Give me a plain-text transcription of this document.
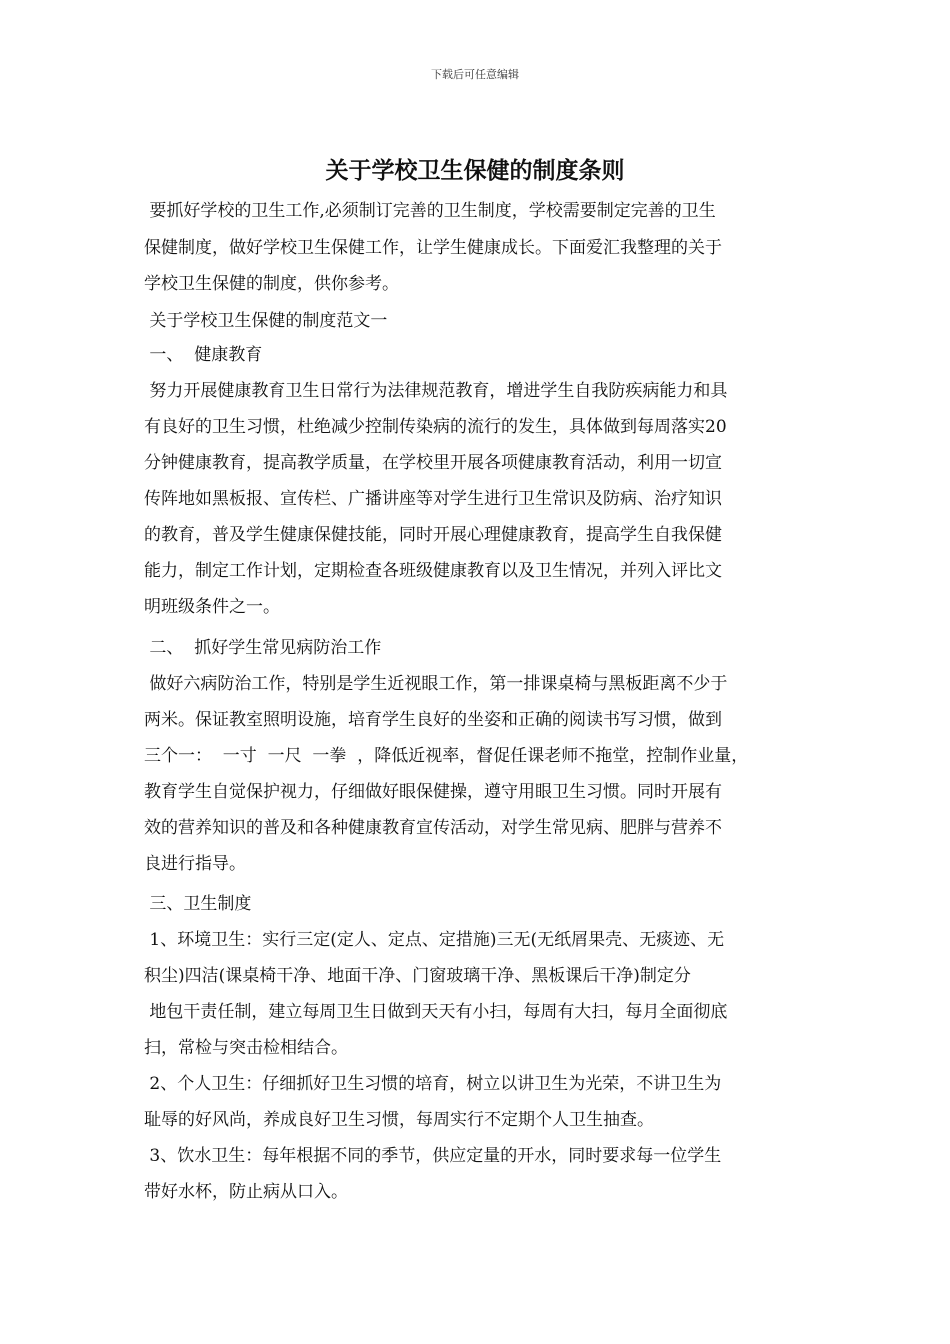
下载后可任意编辑
关于学校卫生保健的制度条则
要抓好学校的卫生工作,必须制订完善的卫生制度，学校需要制定完善的卫生
保健制度，做好学校卫生保健工作，让学生健康成长。下面爱汇我整理的关于
学校卫生保健的制度，供你参考。
关于学校卫生保健的制度范文一
一、  健康教育
努力开展健康教育卫生日常行为法律规范教育，增进学生自我防疾病能力和具
有良好的卫生习惯，杜绝减少控制传染病的流行的发生，具体做到每周落实20
分钟健康教育，提高教学质量，在学校里开展各项健康教育活动，利用一切宣
传阵地如黑板报、宣传栏、广播讲座等对学生进行卫生常识及防病、治疗知识
的教育，普及学生健康保健技能，同时开展心理健康教育，提高学生自我保健
能力，制定工作计划，定期检查各班级健康教育以及卫生情况，并列入评比文
明班级条件之一。
二、  抓好学生常见病防治工作
做好六病防治工作，特别是学生近视眼工作，第一排课桌椅与黑板距离不少于
两米。保证教室照明设施，培育学生良好的坐姿和正确的阅读书写习惯，做到
三个一：  一寸  一尺  一拳  ，降低近视率，督促任课老师不拖堂，控制作业量，
教育学生自觉保护视力，仔细做好眼保健操，遵守用眼卫生习惯。同时开展有
效的营养知识的普及和各种健康教育宣传活动，对学生常见病、肥胖与营养不
良进行指导。
三、卫生制度
1、环境卫生：实行三定(定人、定点、定措施)三无(无纸屑果壳、无痰迹、无
积尘)四洁(课桌椅干净、地面干净、门窗玻璃干净、黑板课后干净)制定分
地包干责任制，建立每周卫生日做到天天有小扫，每周有大扫，每月全面彻底
扫，常检与突击检相结合。
2、个人卫生：仔细抓好卫生习惯的培育，树立以讲卫生为光荣，不讲卫生为
耻辱的好风尚，养成良好卫生习惯，每周实行不定期个人卫生抽查。
3、饮水卫生：每年根据不同的季节，供应定量的开水，同时要求每一位学生
带好水杯，防止病从口入。
